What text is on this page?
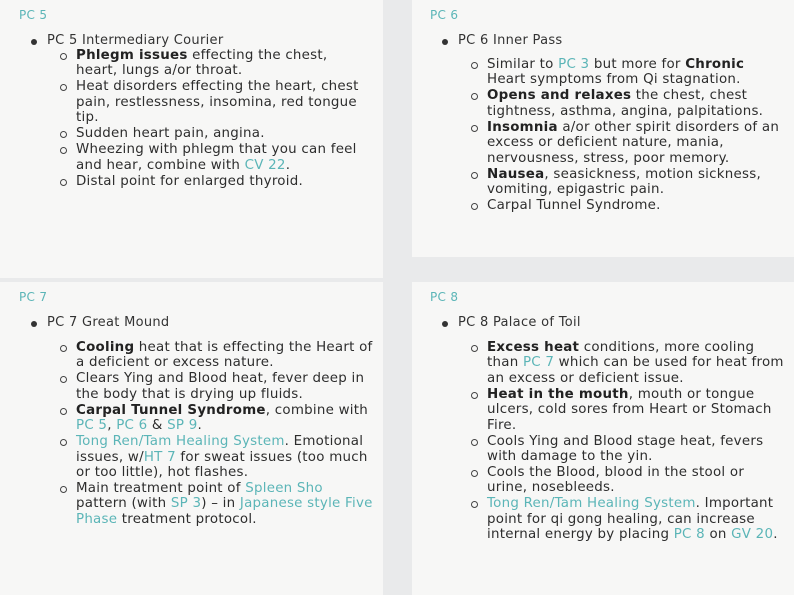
PC 5
PC 5 Intermediary Courier
Phlegm issues effecting the chest, heart, lungs a/or throat.
Heat disorders effecting the heart, chest pain, restlessness, insomina, red tongue tip.
Sudden heart pain, angina.
Wheezing with phlegm that you can feel and hear, combine with CV 22.
Distal point for enlarged thyroid.
PC 6
PC 6 Inner Pass
Similar to PC 3 but more for Chronic Heart symptoms from Qi stagnation.
Opens and relaxes the chest, chest tightness, asthma, angina, palpitations.
Insomnia a/or other spirit disorders of an excess or deficient nature, mania, nervousness, stress, poor memory.
Nausea, seasickness, motion sickness, vomiting, epigastric pain.
Carpal Tunnel Syndrome.
PC 7
PC 7 Great Mound
Cooling heat that is effecting the Heart of a deficient or excess nature.
Clears Ying and Blood heat, fever deep in the body that is drying up fluids.
Carpal Tunnel Syndrome, combine with PC 5, PC 6 & SP 9.
Tong Ren/Tam Healing System. Emotional issues, w/HT 7 for sweat issues (too much or too little), hot flashes.
Main treatment point of Spleen Sho pattern (with SP 3) – in Japanese style Five Phase treatment protocol.
PC 8
PC 8 Palace of Toil
Excess heat conditions, more cooling than PC 7 which can be used for heat from an excess or deficient issue.
Heat in the mouth, mouth or tongue ulcers, cold sores from Heart or Stomach Fire.
Cools Ying and Blood stage heat, fevers with damage to the yin.
Cools the Blood, blood in the stool or urine, nosebleeds.
Tong Ren/Tam Healing System. Important point for qi gong healing, can increase internal energy by placing PC 8 on GV 20.
